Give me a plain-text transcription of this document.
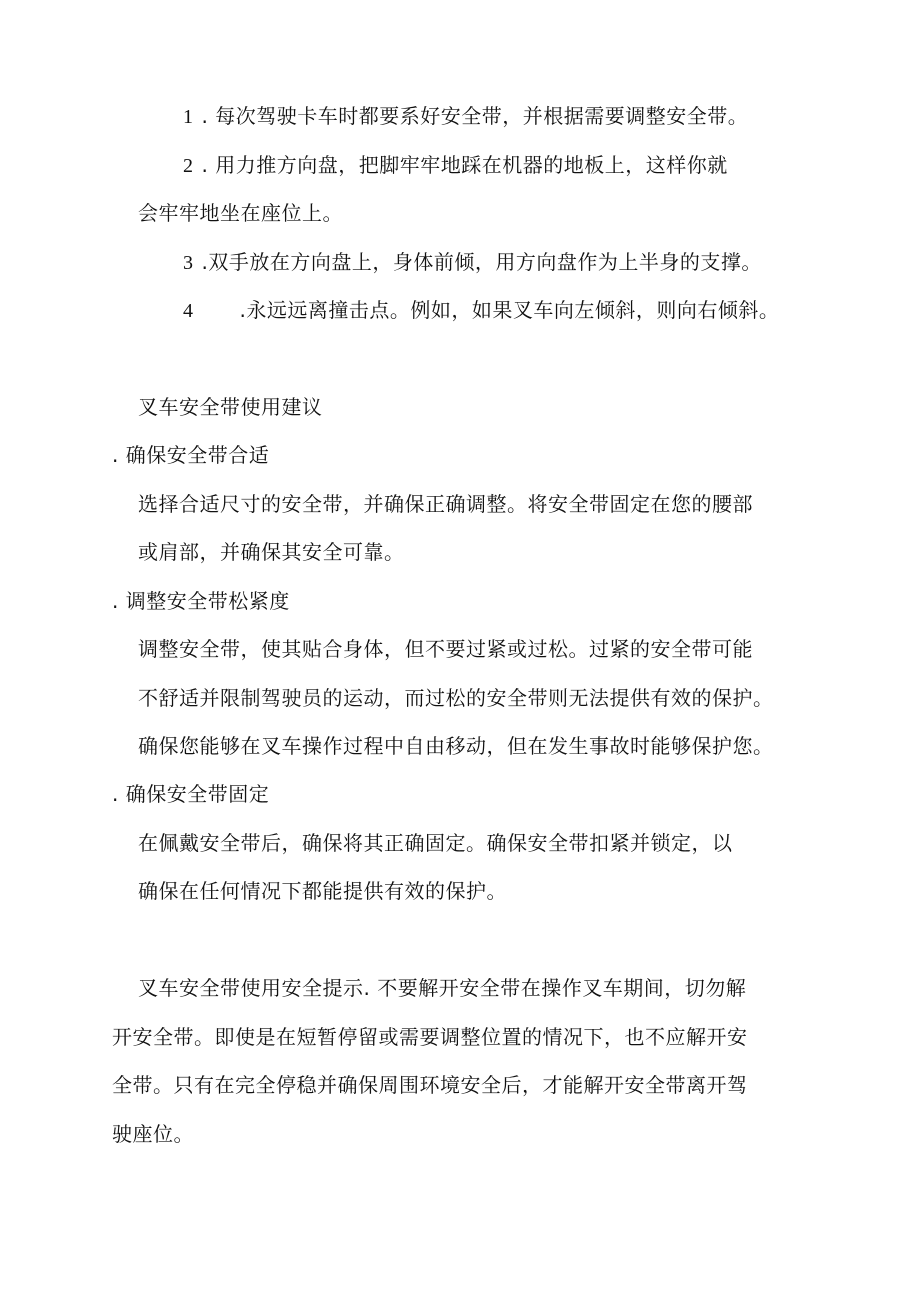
1 . 每次驾驶卡车时都要系好安全带，并根据需要调整安全带。
2 . 用力推方向盘，把脚牢牢地踩在机器的地板上，这样你就
会牢牢地坐在座位上。
3 .双手放在方向盘上，身体前倾，用方向盘作为上半身的支撑。
4 .永远远离撞击点。例如，如果叉车向左倾斜，则向右倾斜。
叉车安全带使用建议
. 确保安全带合适
选择合适尺寸的安全带，并确保正确调整。将安全带固定在您的腰部
或肩部，并确保其安全可靠。
. 调整安全带松紧度
调整安全带，使其贴合身体，但不要过紧或过松。过紧的安全带可能
不舒适并限制驾驶员的运动，而过松的安全带则无法提供有效的保护。
确保您能够在叉车操作过程中自由移动，但在发生事故时能够保护您。
. 确保安全带固定
在佩戴安全带后，确保将其正确固定。确保安全带扣紧并锁定，以
确保在任何情况下都能提供有效的保护。
叉车安全带使用安全提示. 不要解开安全带在操作叉车期间，切勿解
开安全带。即使是在短暂停留或需要调整位置的情况下，也不应解开安
全带。只有在完全停稳并确保周围环境安全后，才能解开安全带离开驾
驶座位。
